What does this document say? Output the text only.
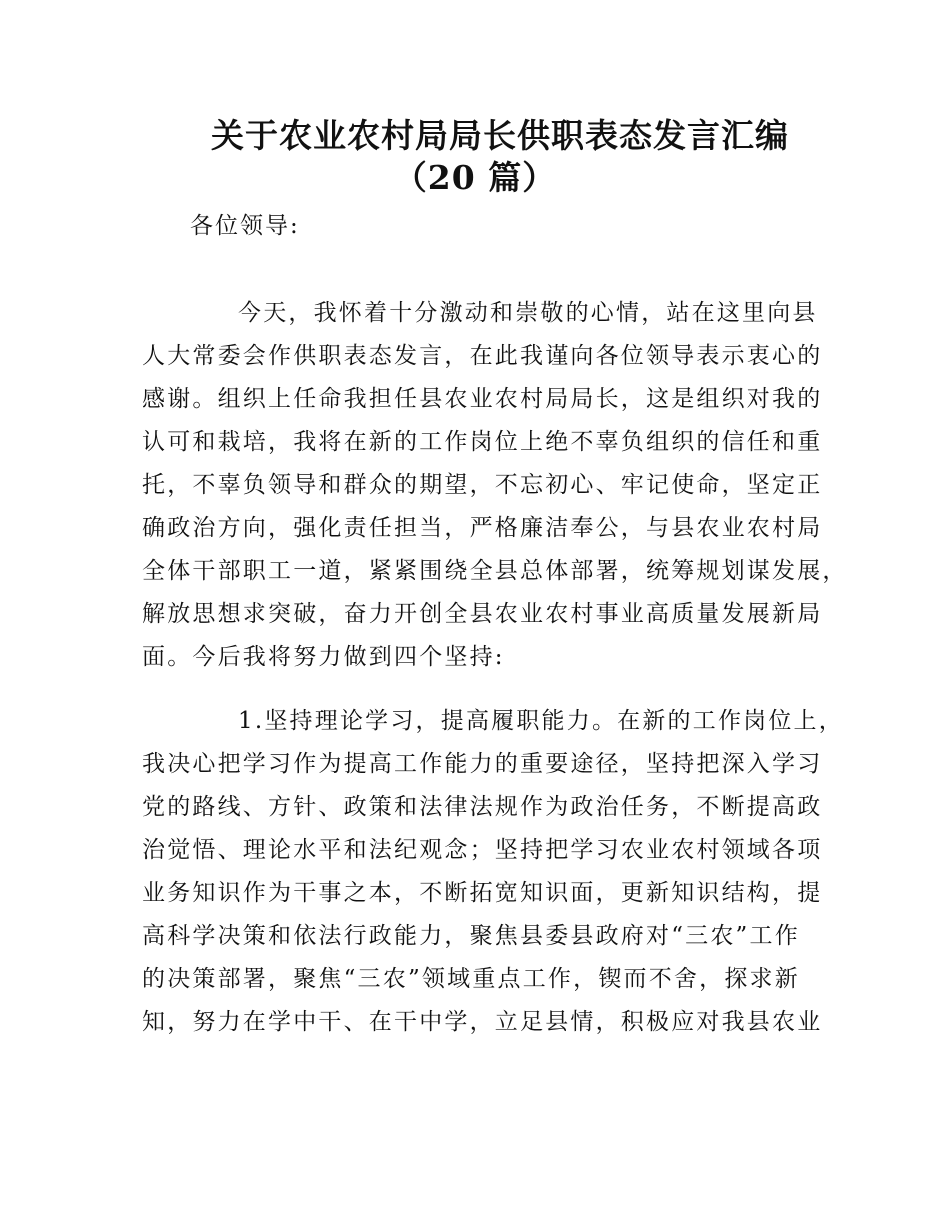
关于农业农村局局长供职表态发言汇编
（20 篇）
各位领导:
今天，我怀着十分激动和崇敬的心情，站在这里向县
人大常委会作供职表态发言，在此我谨向各位领导表示衷心的
感谢。组织上任命我担任县农业农村局局长，这是组织对我的
认可和栽培，我将在新的工作岗位上绝不辜负组织的信任和重
托，不辜负领导和群众的期望，不忘初心、牢记使命，坚定正
确政治方向，强化责任担当，严格廉洁奉公，与县农业农村局
全体干部职工一道，紧紧围绕全县总体部署，统筹规划谋发展，
解放思想求突破，奋力开创全县农业农村事业高质量发展新局
面。今后我将努力做到四个坚持:
1.坚持理论学习，提高履职能力。在新的工作岗位上，
我决心把学习作为提高工作能力的重要途径，坚持把深入学习
党的路线、方针、政策和法律法规作为政治任务，不断提高政
治觉悟、理论水平和法纪观念；坚持把学习农业农村领域各项
业务知识作为干事之本，不断拓宽知识面，更新知识结构，提
高科学决策和依法行政能力，聚焦县委县政府对“三农”工作
的决策部署，聚焦“三农”领域重点工作，锲而不舍，探求新
知，努力在学中干、在干中学，立足县情，积极应对我县农业
